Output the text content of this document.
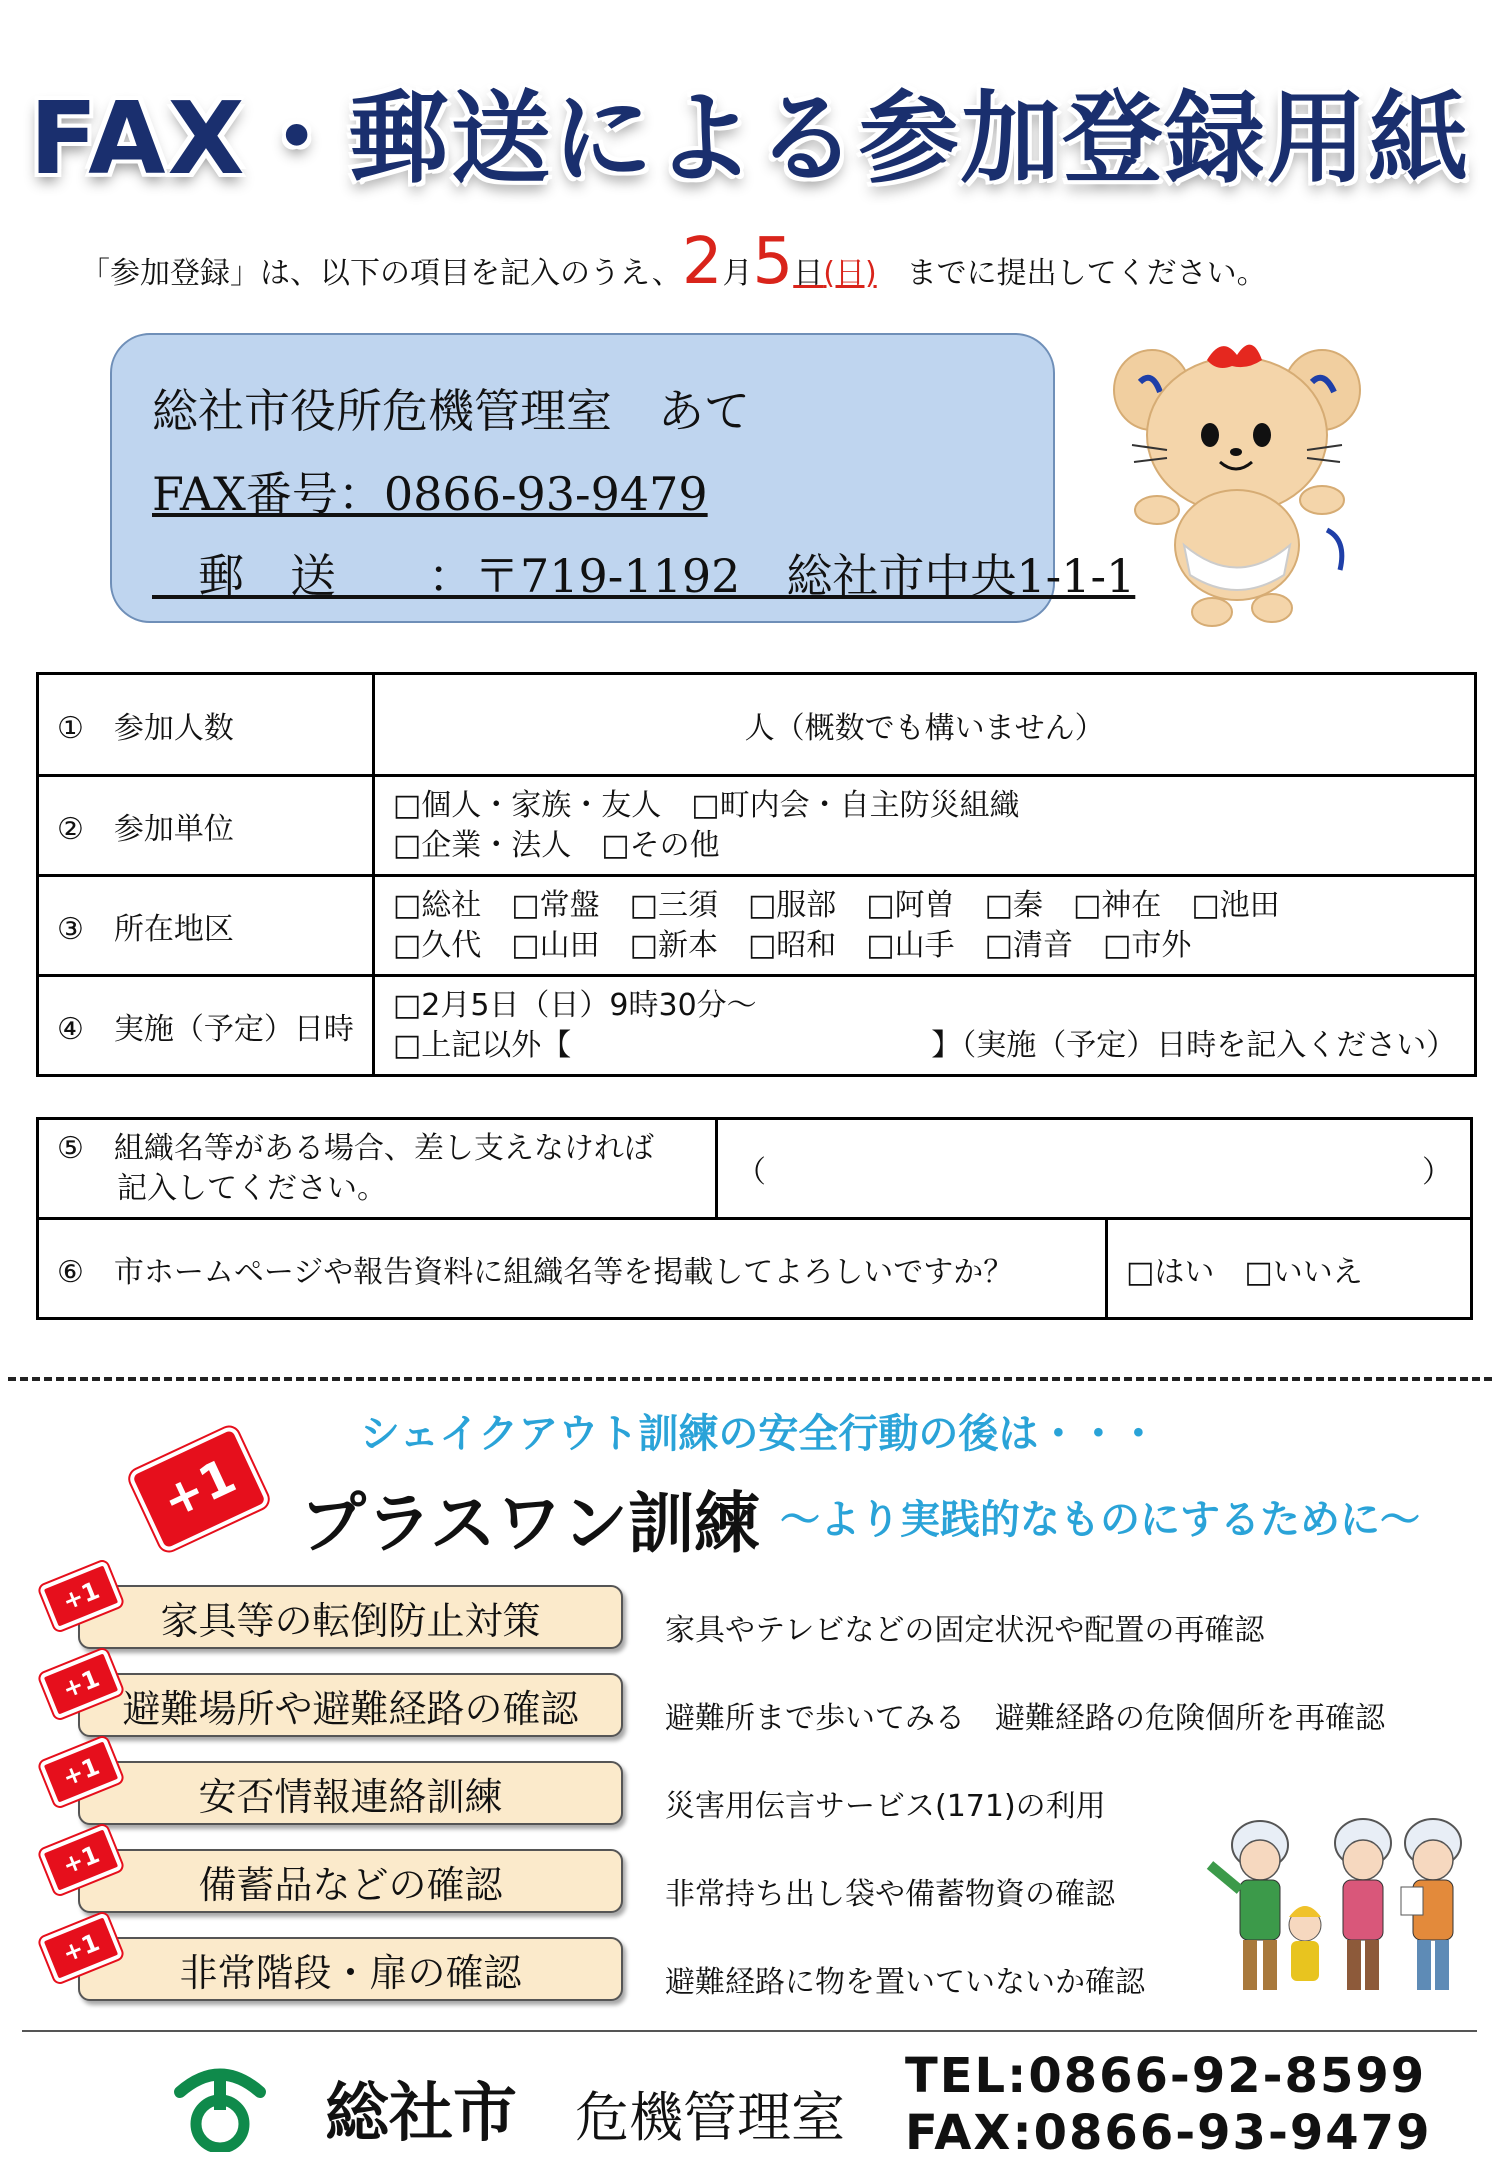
FAX・郵送による参加登録用紙
「参加登録」は、以下の項目を記入のうえ、2月5日(日)　 までに提出してください。
総社市役所危機管理室　あて
FAX番号：0866-93-9479
　郵　送　　：〒719-1192　総社市中央1-1-1
①　参加人数	人（概数でも構いません）
②　参加単位	□個人・家族・友人　□町内会・自主防災組織
□企業・法人　□その他

③　所在地区	□総社　□常盤　□三須　□服部　□阿曽　□秦　□神在　□池田
□久代　□山田　□新本　□昭和　□山手　□清音　□市外

④　実施（予定）日時	□2月5日（日）9時30分～
□上記以外【　　　　　　　　　　　　】（実施（予定）日時を記入ください）
⑤　組織名等がある場合、差し支えなければ
　　記入してください。	（	）
⑥　市ホームページや報告資料に組織名等を掲載してよろしいですか？	□はい　□いいえ
シェイクアウト訓練の安全行動の後は・・・
+1 プラスワン訓練 ～より実践的なものにするために～
家具等の転倒防止対策
+1
家具やテレビなどの固定状況や配置の再確認
避難場所や避難経路の確認
+1
避難所まで歩いてみる　避難経路の危険個所を再確認
安否情報連絡訓練
+1
災害用伝言サービス(171)の利用
備蓄品などの確認
+1
非常持ち出し袋や備蓄物資の確認
非常階段・扉の確認
+1
避難経路に物を置いていないか確認
総社市 危機管理室
TEL:0866-92-8599
FAX:0866-93-9479
